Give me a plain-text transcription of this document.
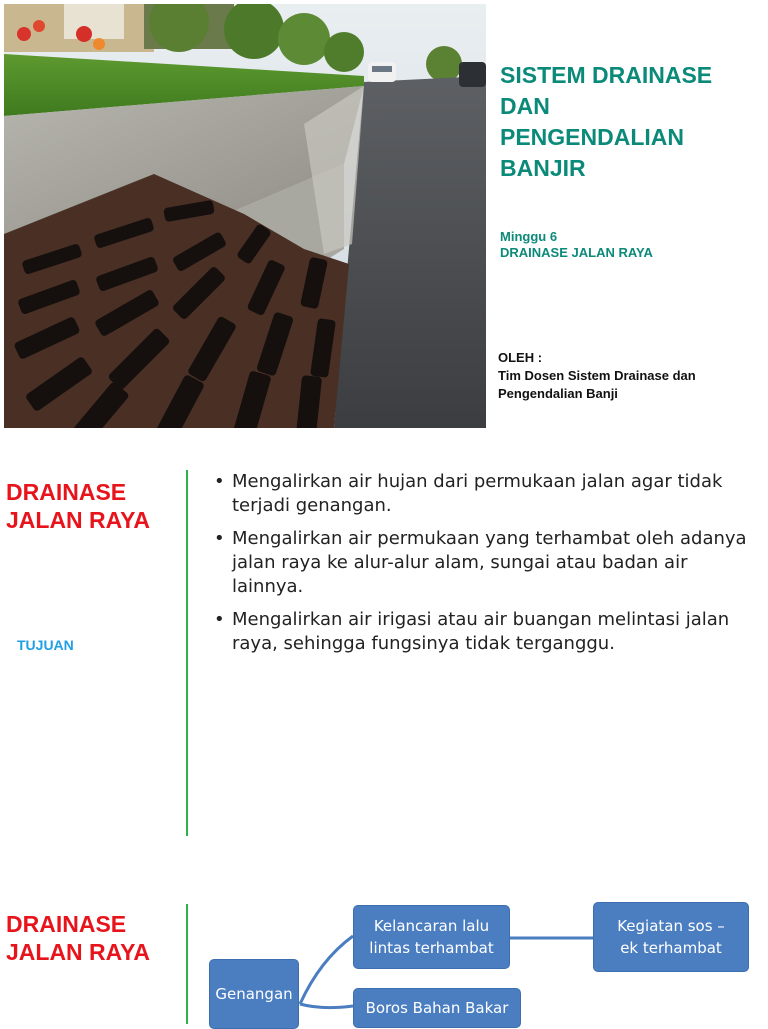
SISTEM DRAINASE
DAN
PENGENDALIAN
BANJIR
Minggu 6
DRAINASE JALAN RAYA
OLEH :
Tim Dosen Sistem Drainase dan
Pengendalian Banji
DRAINASE
JALAN RAYA
TUJUAN
• Mengalirkan air hujan dari permukaan jalan agar tidak terjadi genangan.
• Mengalirkan air permukaan yang terhambat oleh adanya jalan raya ke alur-alur alam, sungai atau badan air lainnya.
• Mengalirkan air irigasi atau air buangan melintasi jalan raya, sehingga fungsinya tidak terganggu.
DRAINASE
JALAN RAYA
Genangan
Kelancaran lalu lintas terhambat
Kegiatan sos – ek terhambat
Boros Bahan Bakar
